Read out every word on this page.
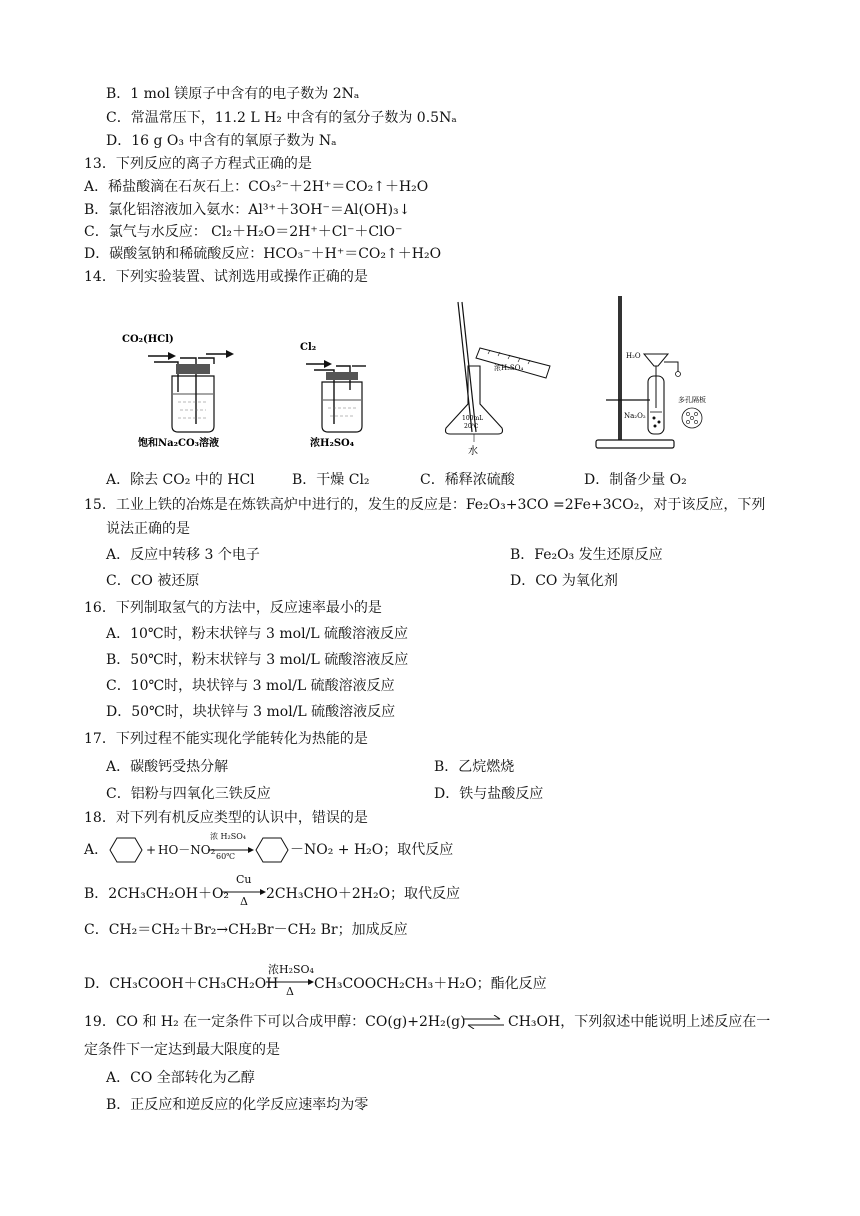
B．1 mol 镁原子中含有的电子数为 2Nₐ
C．常温常压下，11.2 L H₂ 中含有的氢分子数为 0.5Nₐ
D．16 g O₃ 中含有的氧原子数为 Nₐ
13．下列反应的离子方程式正确的是
A．稀盐酸滴在石灰石上：CO₃²⁻＋2H⁺＝CO₂↑＋H₂O
B．氯化铝溶液加入氨水：Al³⁺＋3OH⁻＝Al(OH)₃↓
C．氯气与水反应： Cl₂＋H₂O＝2H⁺＋Cl⁻＋ClO⁻
D．碳酸氢钠和稀硫酸反应：HCO₃⁻＋H⁺＝CO₂↑＋H₂O
14．下列实验装置、试剂选用或操作正确的是
CO₂(HCl)
饱和Na₂CO₃溶液
Cl₂
浓H₂SO₄
浓H₂SO₄
100mL
20℃
水
H₂O
Na₂O₂
多孔隔板
A．除去 CO₂ 中的 HCl	B．干燥 Cl₂	C．稀释浓硫酸	D．制备少量 O₂
15．工业上铁的冶炼是在炼铁高炉中进行的，发生的反应是：Fe₂O₃+3CO =2Fe+3CO₂，对于该反应，下列
说法正确的是
A．反应中转移 3 个电子	B．Fe₂O₃ 发生还原反应
C．CO 被还原	D．CO 为氧化剂
16．下列制取氢气的方法中，反应速率最小的是
A．10℃时，粉末状锌与 3 mol/L 硫酸溶液反应
B．50℃时，粉末状锌与 3 mol/L 硫酸溶液反应
C．10℃时，块状锌与 3 mol/L 硫酸溶液反应
D．50℃时，块状锌与 3 mol/L 硫酸溶液反应
17．下列过程不能实现化学能转化为热能的是
A．碳酸钙受热分解	B．乙烷燃烧
C．铝粉与四氧化三铁反应	D．铁与盐酸反应
18．对下列有机反应类型的认识中，错误的是
A．	+ HO－NO₂
浓 H₂SO₄
60℃	－NO₂ + H₂O；取代反应
B．2CH₃CH₂OH＋O₂
Cu
Δ 2CH₃CHO＋2H₂O；取代反应
C．CH₂＝CH₂＋Br₂→CH₂Br－CH₂ Br；加成反应
D．CH₃COOH＋CH₃CH₂OH
浓H₂SO₄
Δ CH₃COOCH₂CH₃＋H₂O；酯化反应
19．CO 和 H₂ 在一定条件下可以合成甲醇：CO(g)+2H₂(g) ⇌ CH₃OH，下列叙述中能说明上述反应在一
定条件下一定达到最大限度的是
A．CO 全部转化为乙醇
B．正反应和逆反应的化学反应速率均为零
